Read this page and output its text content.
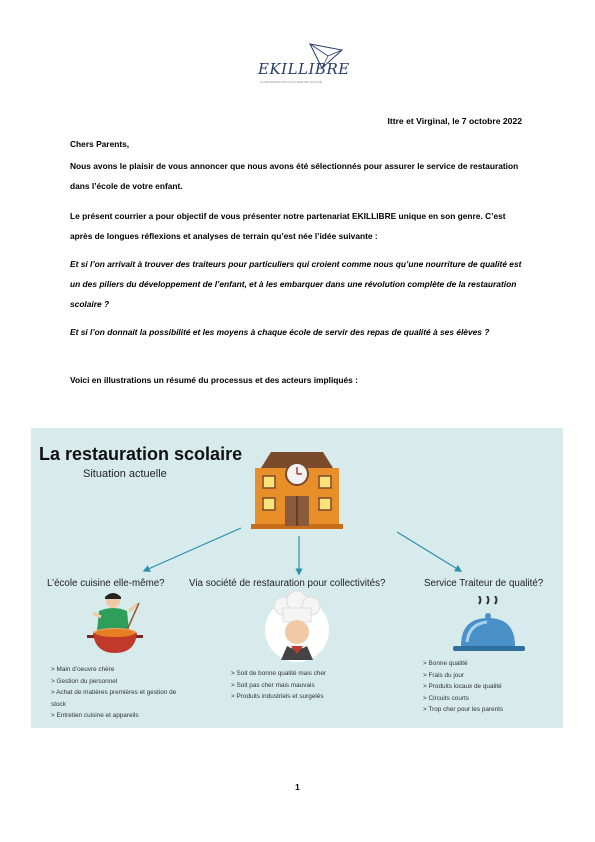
EKILLIBRE
LA RESTAURATION SCOLAIRE DE QUALITÉ
Ittre et Virginal, le 7 octobre 2022
Chers Parents,
Nous avons le plaisir de vous annoncer que nous avons été sélectionnés pour assurer le service de restauration dans l’école de votre enfant.
Le présent courrier a pour objectif de vous présenter notre partenariat EKILLIBRE unique en son genre. C’est après de longues réflexions et analyses de terrain qu’est née l’idée suivante :
Et si l’on arrivait à trouver des traiteurs pour particuliers qui croient comme nous qu’une nourriture de qualité est un des piliers du développement de l’enfant, et à les embarquer dans une révolution complète de la restauration scolaire ?
Et si l’on donnait la possibilité et les moyens à chaque école de servir des repas de qualité à ses élèves ?
Voici en illustrations un résumé du processus et des acteurs impliqués :
La restauration scolaire
Situation actuelle
L’école cuisine elle-même? Via société de restauration pour collectivités?	Service Traiteur de qualité?
> Main d’oeuvre chère
> Gestion du personnel
> Achat de matières premières et gestion de stock
> Entretien cuisine et appareils
> Soit de bonne qualité mais cher
> Soit pas cher mais mauvais
> Produits industriels et surgelés
> Bonne qualité
> Frais du jour
> Produits locaux de qualité
> Circuits courts
> Trop cher pour les parents
1
